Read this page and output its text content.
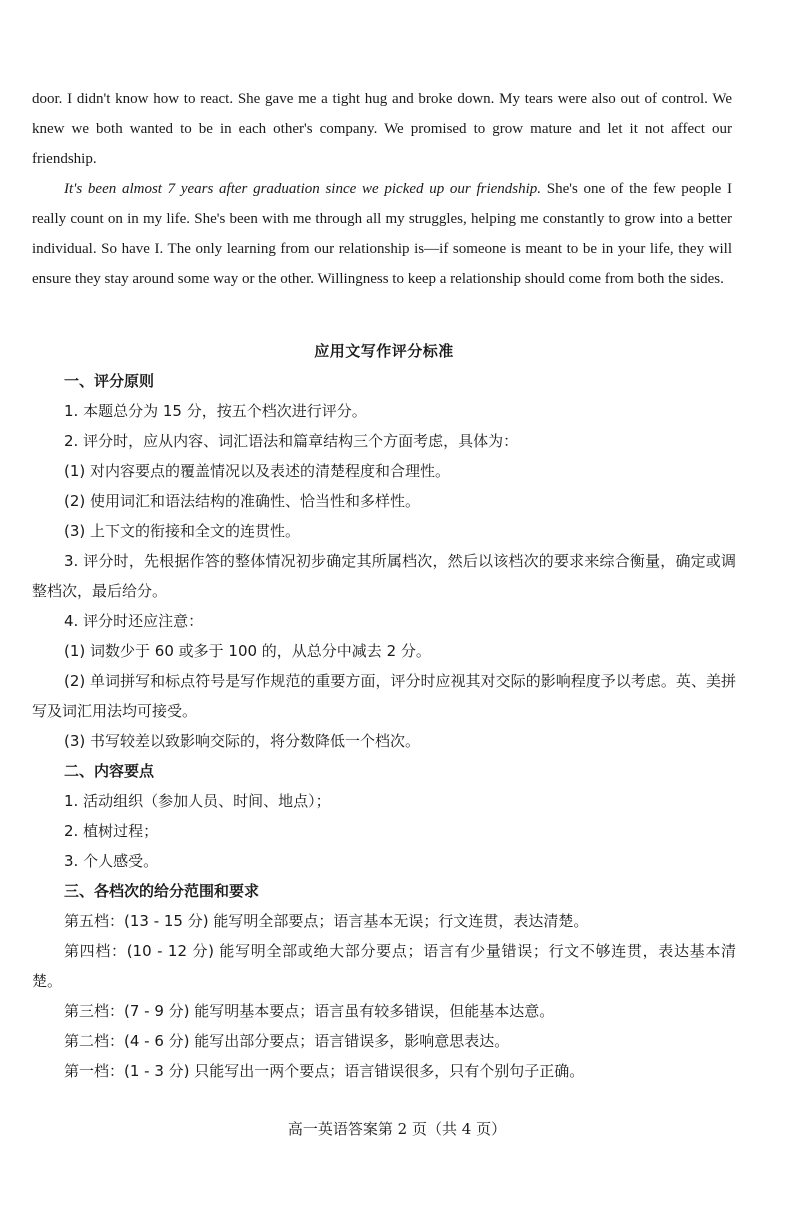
door. I didn't know how to react. She gave me a tight hug and broke down. My tears were also out of control. We knew we both wanted to be in each other's company. We promised to grow mature and let it not affect our friendship.

It's been almost 7 years after graduation since we picked up our friendship. She's one of the few people I really count on in my life. She's been with me through all my struggles, helping me constantly to grow into a better individual. So have I. The only learning from our relationship is—if someone is meant to be in your life, they will ensure they stay around some way or the other. Willingness to keep a relationship should come from both the sides.

应用文写作评分标准

一、评分原则

1. 本题总分为 15 分，按五个档次进行评分。

2. 评分时，应从内容、词汇语法和篇章结构三个方面考虑，具体为：

(1) 对内容要点的覆盖情况以及表述的清楚程度和合理性。

(2) 使用词汇和语法结构的准确性、恰当性和多样性。

(3) 上下文的衔接和全文的连贯性。

3. 评分时，先根据作答的整体情况初步确定其所属档次，然后以该档次的要求来综合衡量，确定或调整档次，最后给分。

4. 评分时还应注意：

(1) 词数少于 60 或多于 100 的，从总分中减去 2 分。

(2) 单词拼写和标点符号是写作规范的重要方面，评分时应视其对交际的影响程度予以考虑。英、美拼写及词汇用法均可接受。

(3) 书写较差以致影响交际的，将分数降低一个档次。

二、内容要点

1. 活动组织（参加人员、时间、地点）；

2. 植树过程；

3. 个人感受。

三、各档次的给分范围和要求

第五档：(13 - 15 分) 能写明全部要点；语言基本无误；行文连贯，表达清楚。

第四档：(10 - 12 分) 能写明全部或绝大部分要点；语言有少量错误；行文不够连贯，表达基本清楚。

第三档：(7 - 9 分) 能写明基本要点；语言虽有较多错误，但能基本达意。

第二档：(4 - 6 分) 能写出部分要点；语言错误多，影响意思表达。

第一档：(1 - 3 分) 只能写出一两个要点；语言错误很多，只有个别句子正确。

高一英语答案第 2 页（共 4 页）
